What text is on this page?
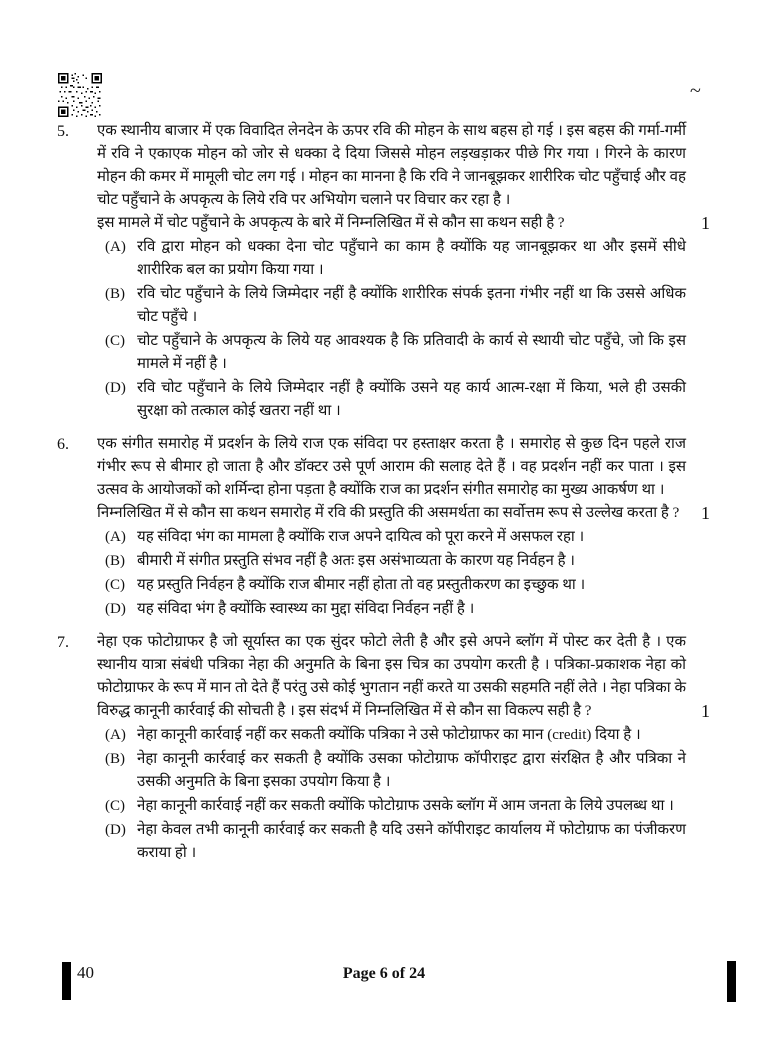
~
5.	एक स्थानीय बाजार में एक विवादित लेनदेन के ऊपर रवि की मोहन के साथ बहस हो गई । इस बहस की गर्मा-गर्मी में रवि ने एकाएक मोहन को जोर से धक्का दे दिया जिससे मोहन लड़खड़ाकर पीछे गिर गया । गिरने के कारण मोहन की कमर में मामूली चोट लग गई । मोहन का मानना है कि रवि ने जानबूझकर शारीरिक चोट पहुँचाई और वह चोट पहुँचाने के अपकृत्य के लिये रवि पर अभियोग चलाने पर विचार कर रहा है ।

इस मामले में चोट पहुँचाने के अपकृत्य के बारे में निम्नलिखित में से कौन सा कथन सही है ?	1

(A) रवि द्वारा मोहन को धक्का देना चोट पहुँचाने का काम है क्योंकि यह जानबूझकर था और इसमें सीधे शारीरिक बल का प्रयोग किया गया ।

(B) रवि चोट पहुँचाने के लिये जिम्मेदार नहीं है क्योंकि शारीरिक संपर्क इतना गंभीर नहीं था कि उससे अधिक चोट पहुँचे ।

(C) चोट पहुँचाने के अपकृत्य के लिये यह आवश्यक है कि प्रतिवादी के कार्य से स्थायी चोट पहुँचे, जो कि इस मामले में नहीं है ।

(D) रवि चोट पहुँचाने के लिये जिम्मेदार नहीं है क्योंकि उसने यह कार्य आत्म-रक्षा में किया, भले ही उसकी सुरक्षा को तत्काल कोई खतरा नहीं था ।

6.	एक संगीत समारोह में प्रदर्शन के लिये राज एक संविदा पर हस्ताक्षर करता है । समारोह से कुछ दिन पहले राज गंभीर रूप से बीमार हो जाता है और डॉक्टर उसे पूर्ण आराम की सलाह देते हैं । वह प्रदर्शन नहीं कर पाता । इस उत्सव के आयोजकों को शर्मिन्दा होना पड़ता है क्योंकि राज का प्रदर्शन संगीत समारोह का मुख्य आकर्षण था ।

निम्नलिखित में से कौन सा कथन समारोह में रवि की प्रस्तुति की असमर्थता का सर्वोत्तम रूप से उल्लेख करता है ? 1

(A) यह संविदा भंग का मामला है क्योंकि राज अपने दायित्व को पूरा करने में असफल रहा ।

(B) बीमारी में संगीत प्रस्तुति संभव नहीं है अतः इस असंभाव्यता के कारण यह निर्वहन है ।

(C) यह प्रस्तुति निर्वहन है क्योंकि राज बीमार नहीं होता तो वह प्रस्तुतीकरण का इच्छुक था ।

(D) यह संविदा भंग है क्योंकि स्वास्थ्य का मुद्दा संविदा निर्वहन नहीं है ।

7.	नेहा एक फोटोग्राफर है जो सूर्यास्त का एक सुंदर फोटो लेती है और इसे अपने ब्लॉग में पोस्ट कर देती है । एक स्थानीय यात्रा संबंधी पत्रिका नेहा की अनुमति के बिना इस चित्र का उपयोग करती है । पत्रिका-प्रकाशक नेहा को फोटोग्राफर के रूप में मान तो देते हैं परंतु उसे कोई भुगतान नहीं करते या उसकी सहमति नहीं लेते । नेहा पत्रिका के विरुद्ध कानूनी कार्रवाई की सोचती है । इस संदर्भ में निम्नलिखित में से कौन सा विकल्प सही है ?	1

(A) नेहा कानूनी कार्रवाई नहीं कर सकती क्योंकि पत्रिका ने उसे फोटोग्राफर का मान (credit) दिया है ।

(B) नेहा कानूनी कार्रवाई कर सकती है क्योंकि उसका फोटोग्राफ कॉपीराइट द्वारा संरक्षित है और पत्रिका ने उसकी अनुमति के बिना इसका उपयोग किया है ।

(C) नेहा कानूनी कार्रवाई नहीं कर सकती क्योंकि फोटोग्राफ उसके ब्लॉग में आम जनता के लिये उपलब्ध था ।

(D) नेहा केवल तभी कानूनी कार्रवाई कर सकती है यदि उसने कॉपीराइट कार्यालय में फोटोग्राफ का पंजीकरण कराया हो ।

40	Page 6 of 24
